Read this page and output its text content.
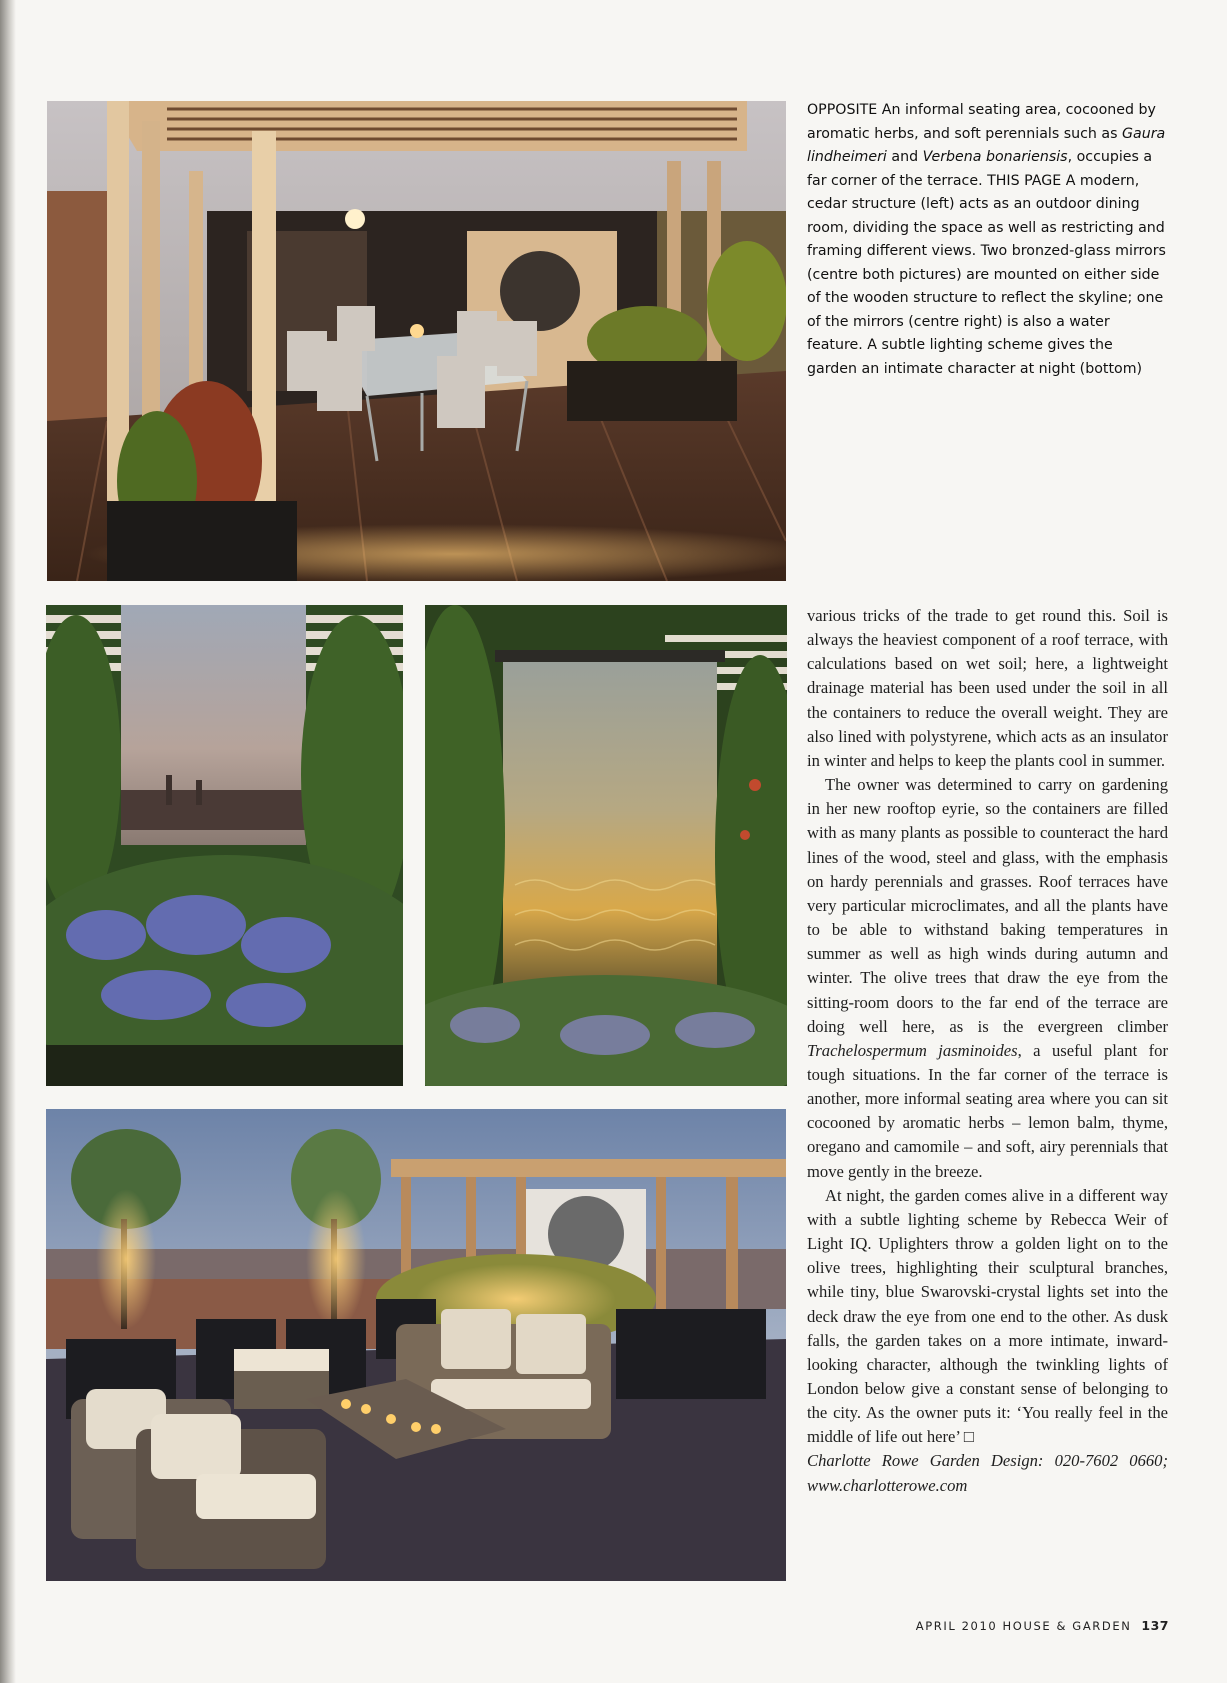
OPPOSITE An informal seating area, cocooned by aromatic herbs, and soft perennials such as Gaura lindheimeri and Verbena bonariensis, occupies a far corner of the terrace. THIS PAGE A modern, cedar structure (left) acts as an outdoor dining room, dividing the space as well as restricting and framing different views. Two bronzed-glass mirrors (centre both pictures) are mounted on either side of the wooden structure to reflect the skyline; one of the mirrors (centre right) is also a water feature. A subtle lighting scheme gives the garden an intimate character at night (bottom)

various tricks of the trade to get round this. Soil is always the heaviest component of a roof terrace, with calculations based on wet soil; here, a lightweight drainage material has been used under the soil in all the containers to reduce the overall weight. They are also lined with polystyrene, which acts as an insulator in winter and helps to keep the plants cool in summer.

The owner was determined to carry on gardening in her new rooftop eyrie, so the containers are filled with as many plants as possible to counteract the hard lines of the wood, steel and glass, with the emphasis on hardy perennials and grasses. Roof terraces have very particular microclimates, and all the plants have to be able to withstand baking temperatures in summer as well as high winds during autumn and winter. The olive trees that draw the eye from the sitting-room doors to the far end of the terrace are doing well here, as is the evergreen climber Trachelospermum jasminoides, a useful plant for tough situations. In the far corner of the terrace is another, more informal seating area where you can sit cocooned by aromatic herbs – lemon balm, thyme, oregano and camomile – and soft, airy perennials that move gently in the breeze.

At night, the garden comes alive in a different way with a subtle lighting scheme by Rebecca Weir of Light IQ. Uplighters throw a golden light on to the olive trees, highlighting their sculptural branches, while tiny, blue Swarovski-crystal lights set into the deck draw the eye from one end to the other. As dusk falls, the garden takes on a more intimate, inward-looking character, although the twinkling lights of London below give a constant sense of belonging to the city. As the owner puts it: ‘You really feel in the middle of life out here’ □

Charlotte Rowe Garden Design: 020-7602 0660; www.charlotterowe.com

APRIL 2010 HOUSE & GARDEN 137
